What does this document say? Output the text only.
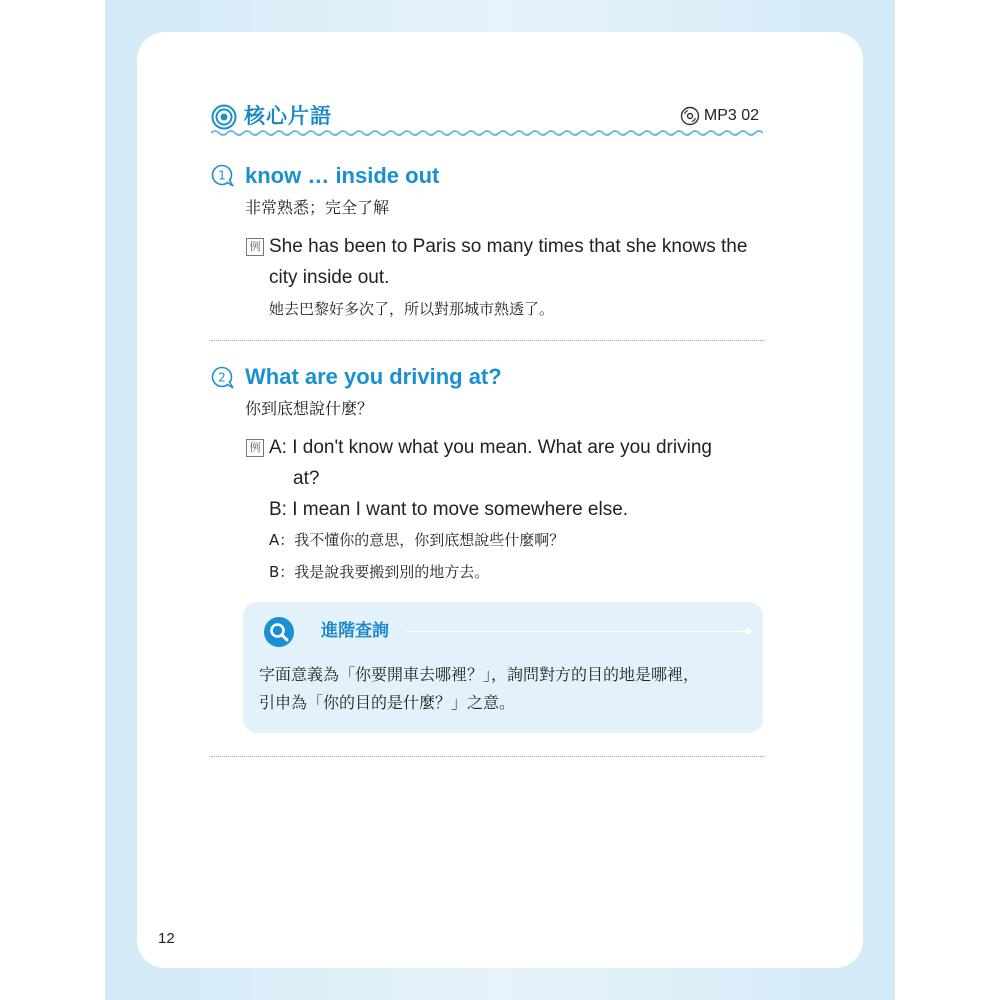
核心片語	MP3 02
1 know … inside out
非常熟悉；完全了解
例 She has been to Paris so many times that she knows the
city inside out.
她去巴黎好多次了，所以對那城市熟透了。
2 What are you driving at?
你到底想說什麼？
例 A: I don't know what you mean. What are you driving
at?
B: I mean I want to move somewhere else.
A：我不懂你的意思，你到底想說些什麼啊？
B：我是說我要搬到別的地方去。
進階查詢
字面意義為「你要開車去哪裡？」，詢問對方的目的地是哪裡，
引申為「你的目的是什麼？」之意。
12
